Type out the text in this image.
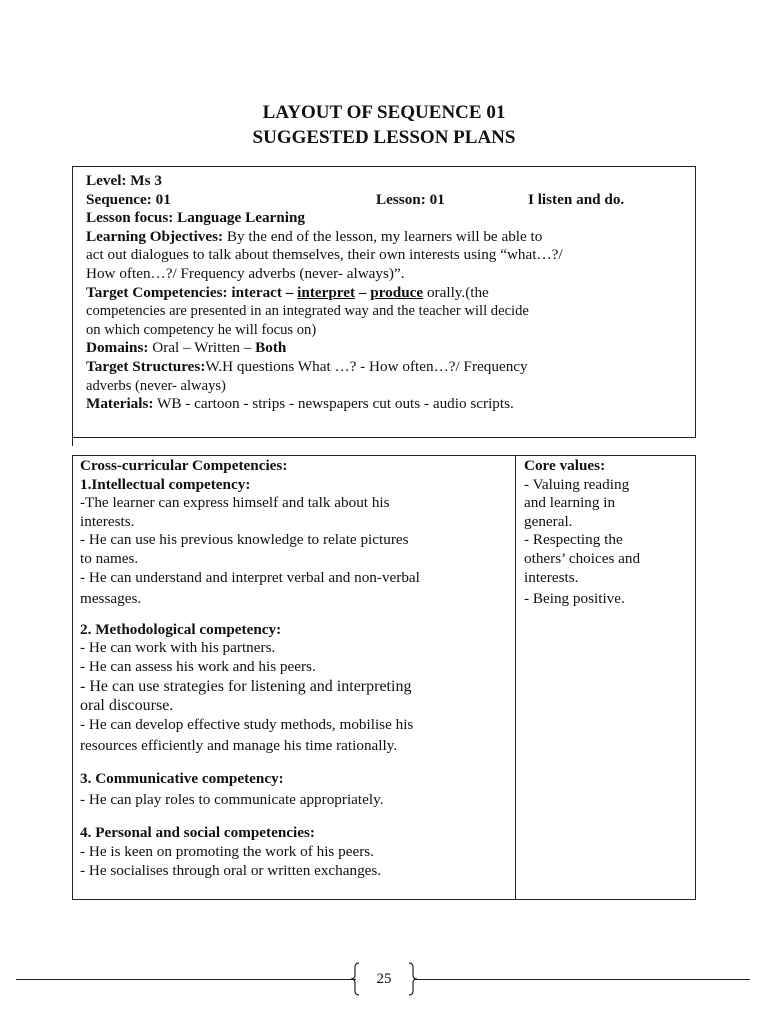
LAYOUT OF SEQUENCE 01
SUGGESTED LESSON PLANS
Level: Ms 3
Sequence: 01	Lesson: 01	I listen and do.
Lesson focus: Language Learning
Learning Objectives: By the end of the lesson, my learners will be able to
act out dialogues to talk about themselves, their own interests using “what…?/
How often…?/ Frequency adverbs (never- always)”.
Target Competencies: interact – interpret – produce orally.(the
competencies are presented in an integrated way and the teacher will decide
on which competency he will focus on)
Domains: Oral – Written – Both
Target Structures:W.H questions What …? - How often…?/ Frequency
adverbs (never- always)
Materials: WB - cartoon - strips - newspapers cut outs - audio scripts.
Cross-curricular Competencies:
1.Intellectual competency:
-The learner can express himself and talk about his
interests.
- He can use his previous knowledge to relate pictures
to names.
- He can understand and interpret verbal and non-verbal
messages.
2. Methodological competency:
- He can work with his partners.
- He can assess his work and his peers.
- He can use strategies for listening and interpreting
oral discourse.
- He can develop effective study methods, mobilise his
resources efficiently and manage his time rationally.
3. Communicative competency:
- He can play roles to communicate appropriately.
4. Personal and social competencies:
- He is keen on promoting the work of his peers.
- He socialises through oral or written exchanges.
Core values:
- Valuing reading
and learning in
general.
- Respecting the
others’ choices and
interests.
- Being positive.
25
